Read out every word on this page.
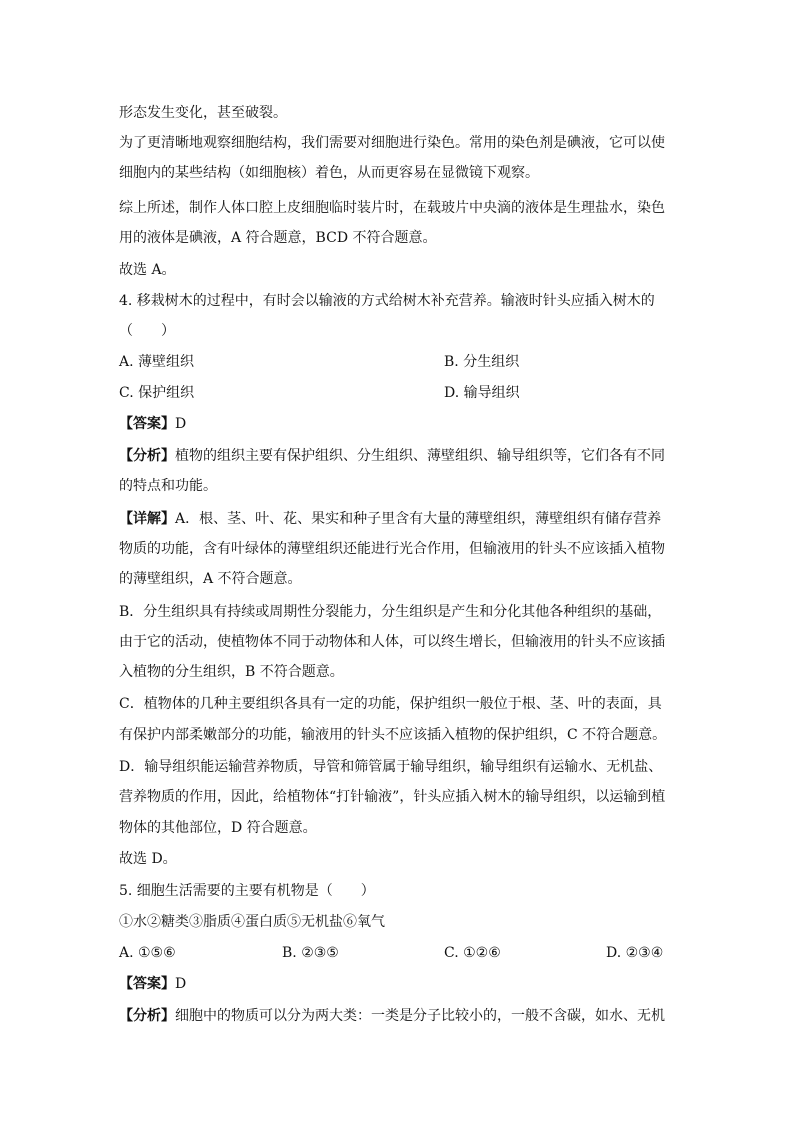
形态发生变化，甚至破裂。
为了更清晰地观察细胞结构，我们需要对细胞进行染色。常用的染色剂是碘液，它可以使
细胞内的某些结构（如细胞核）着色，从而更容易在显微镜下观察。
综上所述，制作人体口腔上皮细胞临时装片时，在载玻片中央滴的液体是生理盐水，染色
用的液体是碘液，A 符合题意，BCD 不符合题意。
故选 A。
4. 移栽树木的过程中，有时会以输液的方式给树木补充营养。输液时针头应插入树木的
（　　）
A. 薄壁组织	B. 分生组织
C. 保护组织	D. 输导组织
【答案】D
【分析】植物的组织主要有保护组织、分生组织、薄壁组织、输导组织等，它们各有不同
的特点和功能。
【详解】A．根、茎、叶、花、果实和种子里含有大量的薄壁组织，薄壁组织有储存营养
物质的功能，含有叶绿体的薄壁组织还能进行光合作用，但输液用的针头不应该插入植物
的薄壁组织，A 不符合题意。
B．分生组织具有持续或周期性分裂能力，分生组织是产生和分化其他各种组织的基础，
由于它的活动，使植物体不同于动物体和人体，可以终生增长，但输液用的针头不应该插
入植物的分生组织，B 不符合题意。
C．植物体的几种主要组织各具有一定的功能，保护组织一般位于根、茎、叶的表面，具
有保护内部柔嫩部分的功能，输液用的针头不应该插入植物的保护组织，C 不符合题意。
D．输导组织能运输营养物质，导管和筛管属于输导组织，输导组织有运输水、无机盐、
营养物质的作用，因此，给植物体“打针输液”，针头应插入树木的输导组织，以运输到植
物体的其他部位，D 符合题意。
故选 D。
5. 细胞生活需要的主要有机物是（　　）
①水②糖类③脂质④蛋白质⑤无机盐⑥氧气
A. ①⑤⑥	B. ②③⑤	C. ①②⑥	D. ②③④
【答案】D
【分析】细胞中的物质可以分为两大类：一类是分子比较小的，一般不含碳，如水、无机
